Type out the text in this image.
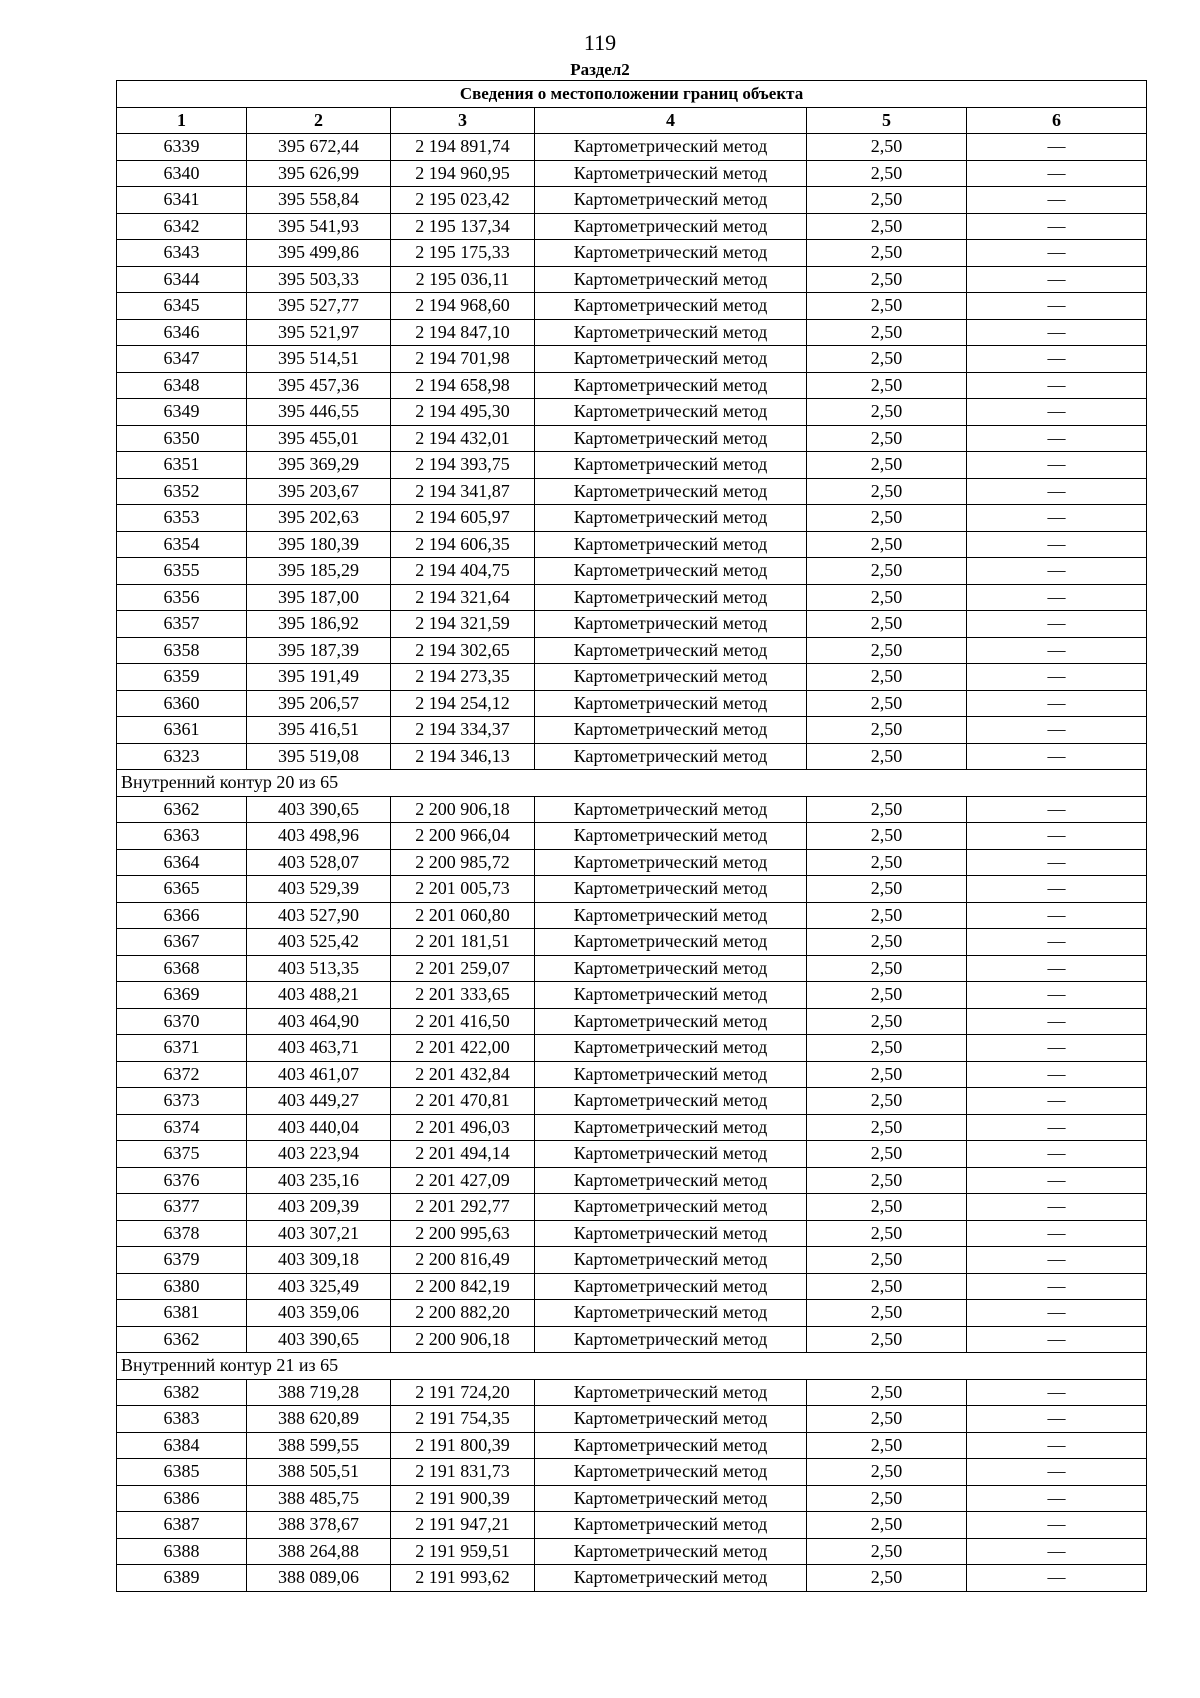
119
Раздел2
Сведения о местоположении границ объекта					
1	2	3	4	5	6
6339	395 672,44	2 194 891,74	Картометрический метод	2,50	—
6340	395 626,99	2 194 960,95	Картометрический метод	2,50	—
6341	395 558,84	2 195 023,42	Картометрический метод	2,50	—
6342	395 541,93	2 195 137,34	Картометрический метод	2,50	—
6343	395 499,86	2 195 175,33	Картометрический метод	2,50	—
6344	395 503,33	2 195 036,11	Картометрический метод	2,50	—
6345	395 527,77	2 194 968,60	Картометрический метод	2,50	—
6346	395 521,97	2 194 847,10	Картометрический метод	2,50	—
6347	395 514,51	2 194 701,98	Картометрический метод	2,50	—
6348	395 457,36	2 194 658,98	Картометрический метод	2,50	—
6349	395 446,55	2 194 495,30	Картометрический метод	2,50	—
6350	395 455,01	2 194 432,01	Картометрический метод	2,50	—
6351	395 369,29	2 194 393,75	Картометрический метод	2,50	—
6352	395 203,67	2 194 341,87	Картометрический метод	2,50	—
6353	395 202,63	2 194 605,97	Картометрический метод	2,50	—
6354	395 180,39	2 194 606,35	Картометрический метод	2,50	—
6355	395 185,29	2 194 404,75	Картометрический метод	2,50	—
6356	395 187,00	2 194 321,64	Картометрический метод	2,50	—
6357	395 186,92	2 194 321,59	Картометрический метод	2,50	—
6358	395 187,39	2 194 302,65	Картометрический метод	2,50	—
6359	395 191,49	2 194 273,35	Картометрический метод	2,50	—
6360	395 206,57	2 194 254,12	Картометрический метод	2,50	—
6361	395 416,51	2 194 334,37	Картометрический метод	2,50	—
6323	395 519,08	2 194 346,13	Картометрический метод	2,50	—
Внутренний контур 20 из 65					
6362	403 390,65	2 200 906,18	Картометрический метод	2,50	—
6363	403 498,96	2 200 966,04	Картометрический метод	2,50	—
6364	403 528,07	2 200 985,72	Картометрический метод	2,50	—
6365	403 529,39	2 201 005,73	Картометрический метод	2,50	—
6366	403 527,90	2 201 060,80	Картометрический метод	2,50	—
6367	403 525,42	2 201 181,51	Картометрический метод	2,50	—
6368	403 513,35	2 201 259,07	Картометрический метод	2,50	—
6369	403 488,21	2 201 333,65	Картометрический метод	2,50	—
6370	403 464,90	2 201 416,50	Картометрический метод	2,50	—
6371	403 463,71	2 201 422,00	Картометрический метод	2,50	—
6372	403 461,07	2 201 432,84	Картометрический метод	2,50	—
6373	403 449,27	2 201 470,81	Картометрический метод	2,50	—
6374	403 440,04	2 201 496,03	Картометрический метод	2,50	—
6375	403 223,94	2 201 494,14	Картометрический метод	2,50	—
6376	403 235,16	2 201 427,09	Картометрический метод	2,50	—
6377	403 209,39	2 201 292,77	Картометрический метод	2,50	—
6378	403 307,21	2 200 995,63	Картометрический метод	2,50	—
6379	403 309,18	2 200 816,49	Картометрический метод	2,50	—
6380	403 325,49	2 200 842,19	Картометрический метод	2,50	—
6381	403 359,06	2 200 882,20	Картометрический метод	2,50	—
6362	403 390,65	2 200 906,18	Картометрический метод	2,50	—
Внутренний контур 21 из 65					
6382	388 719,28	2 191 724,20	Картометрический метод	2,50	—
6383	388 620,89	2 191 754,35	Картометрический метод	2,50	—
6384	388 599,55	2 191 800,39	Картометрический метод	2,50	—
6385	388 505,51	2 191 831,73	Картометрический метод	2,50	—
6386	388 485,75	2 191 900,39	Картометрический метод	2,50	—
6387	388 378,67	2 191 947,21	Картометрический метод	2,50	—
6388	388 264,88	2 191 959,51	Картометрический метод	2,50	—
6389	388 089,06	2 191 993,62	Картометрический метод	2,50	—
